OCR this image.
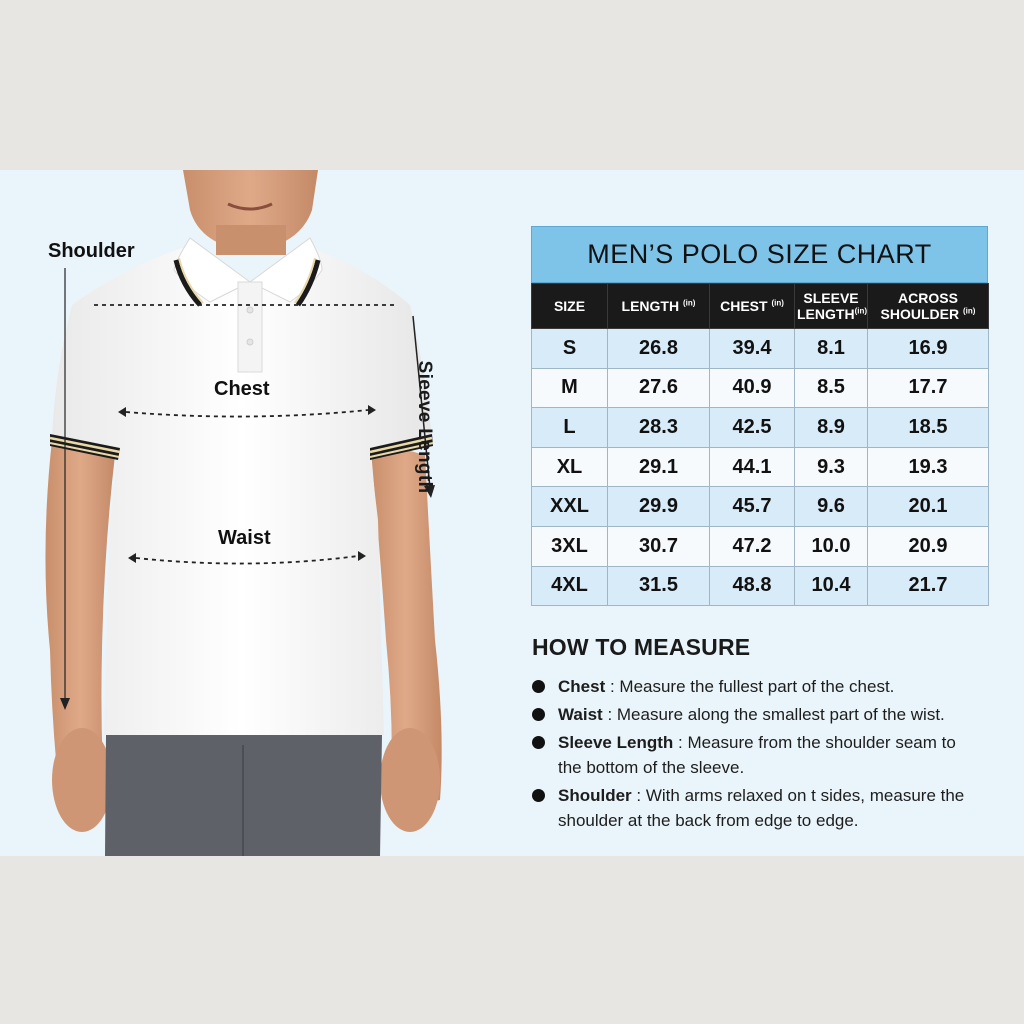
Shoulder
Chest
Waist
Sieeve Length
MEN’S POLO SIZE CHART
SIZE	LENGTH $^{(in)}$	CHEST $^{(in)}$	SLEEVE $LENGTH^{(in)}$	ACROSS SHOULDER $^{(in)}$
S	26.8	39.4	8.1	16.9
M	27.6	40.9	8.5	17.7
L	28.3	42.5	8.9	18.5
XL	29.1	44.1	9.3	19.3
XXL	29.9	45.7	9.6	20.1
3XL	30.7	47.2	10.0	20.9
4XL	31.5	48.8	10.4	21.7
HOW TO MEASURE
Chest : Measure the fullest part of the chest.
Waist : Measure along the smallest part of the wist.
Sleeve Length : Measure from the shoulder seam to the bottom of the sleeve.
Shoulder : With arms relaxed on t sides, measure the shoulder at the back from edge to edge.
